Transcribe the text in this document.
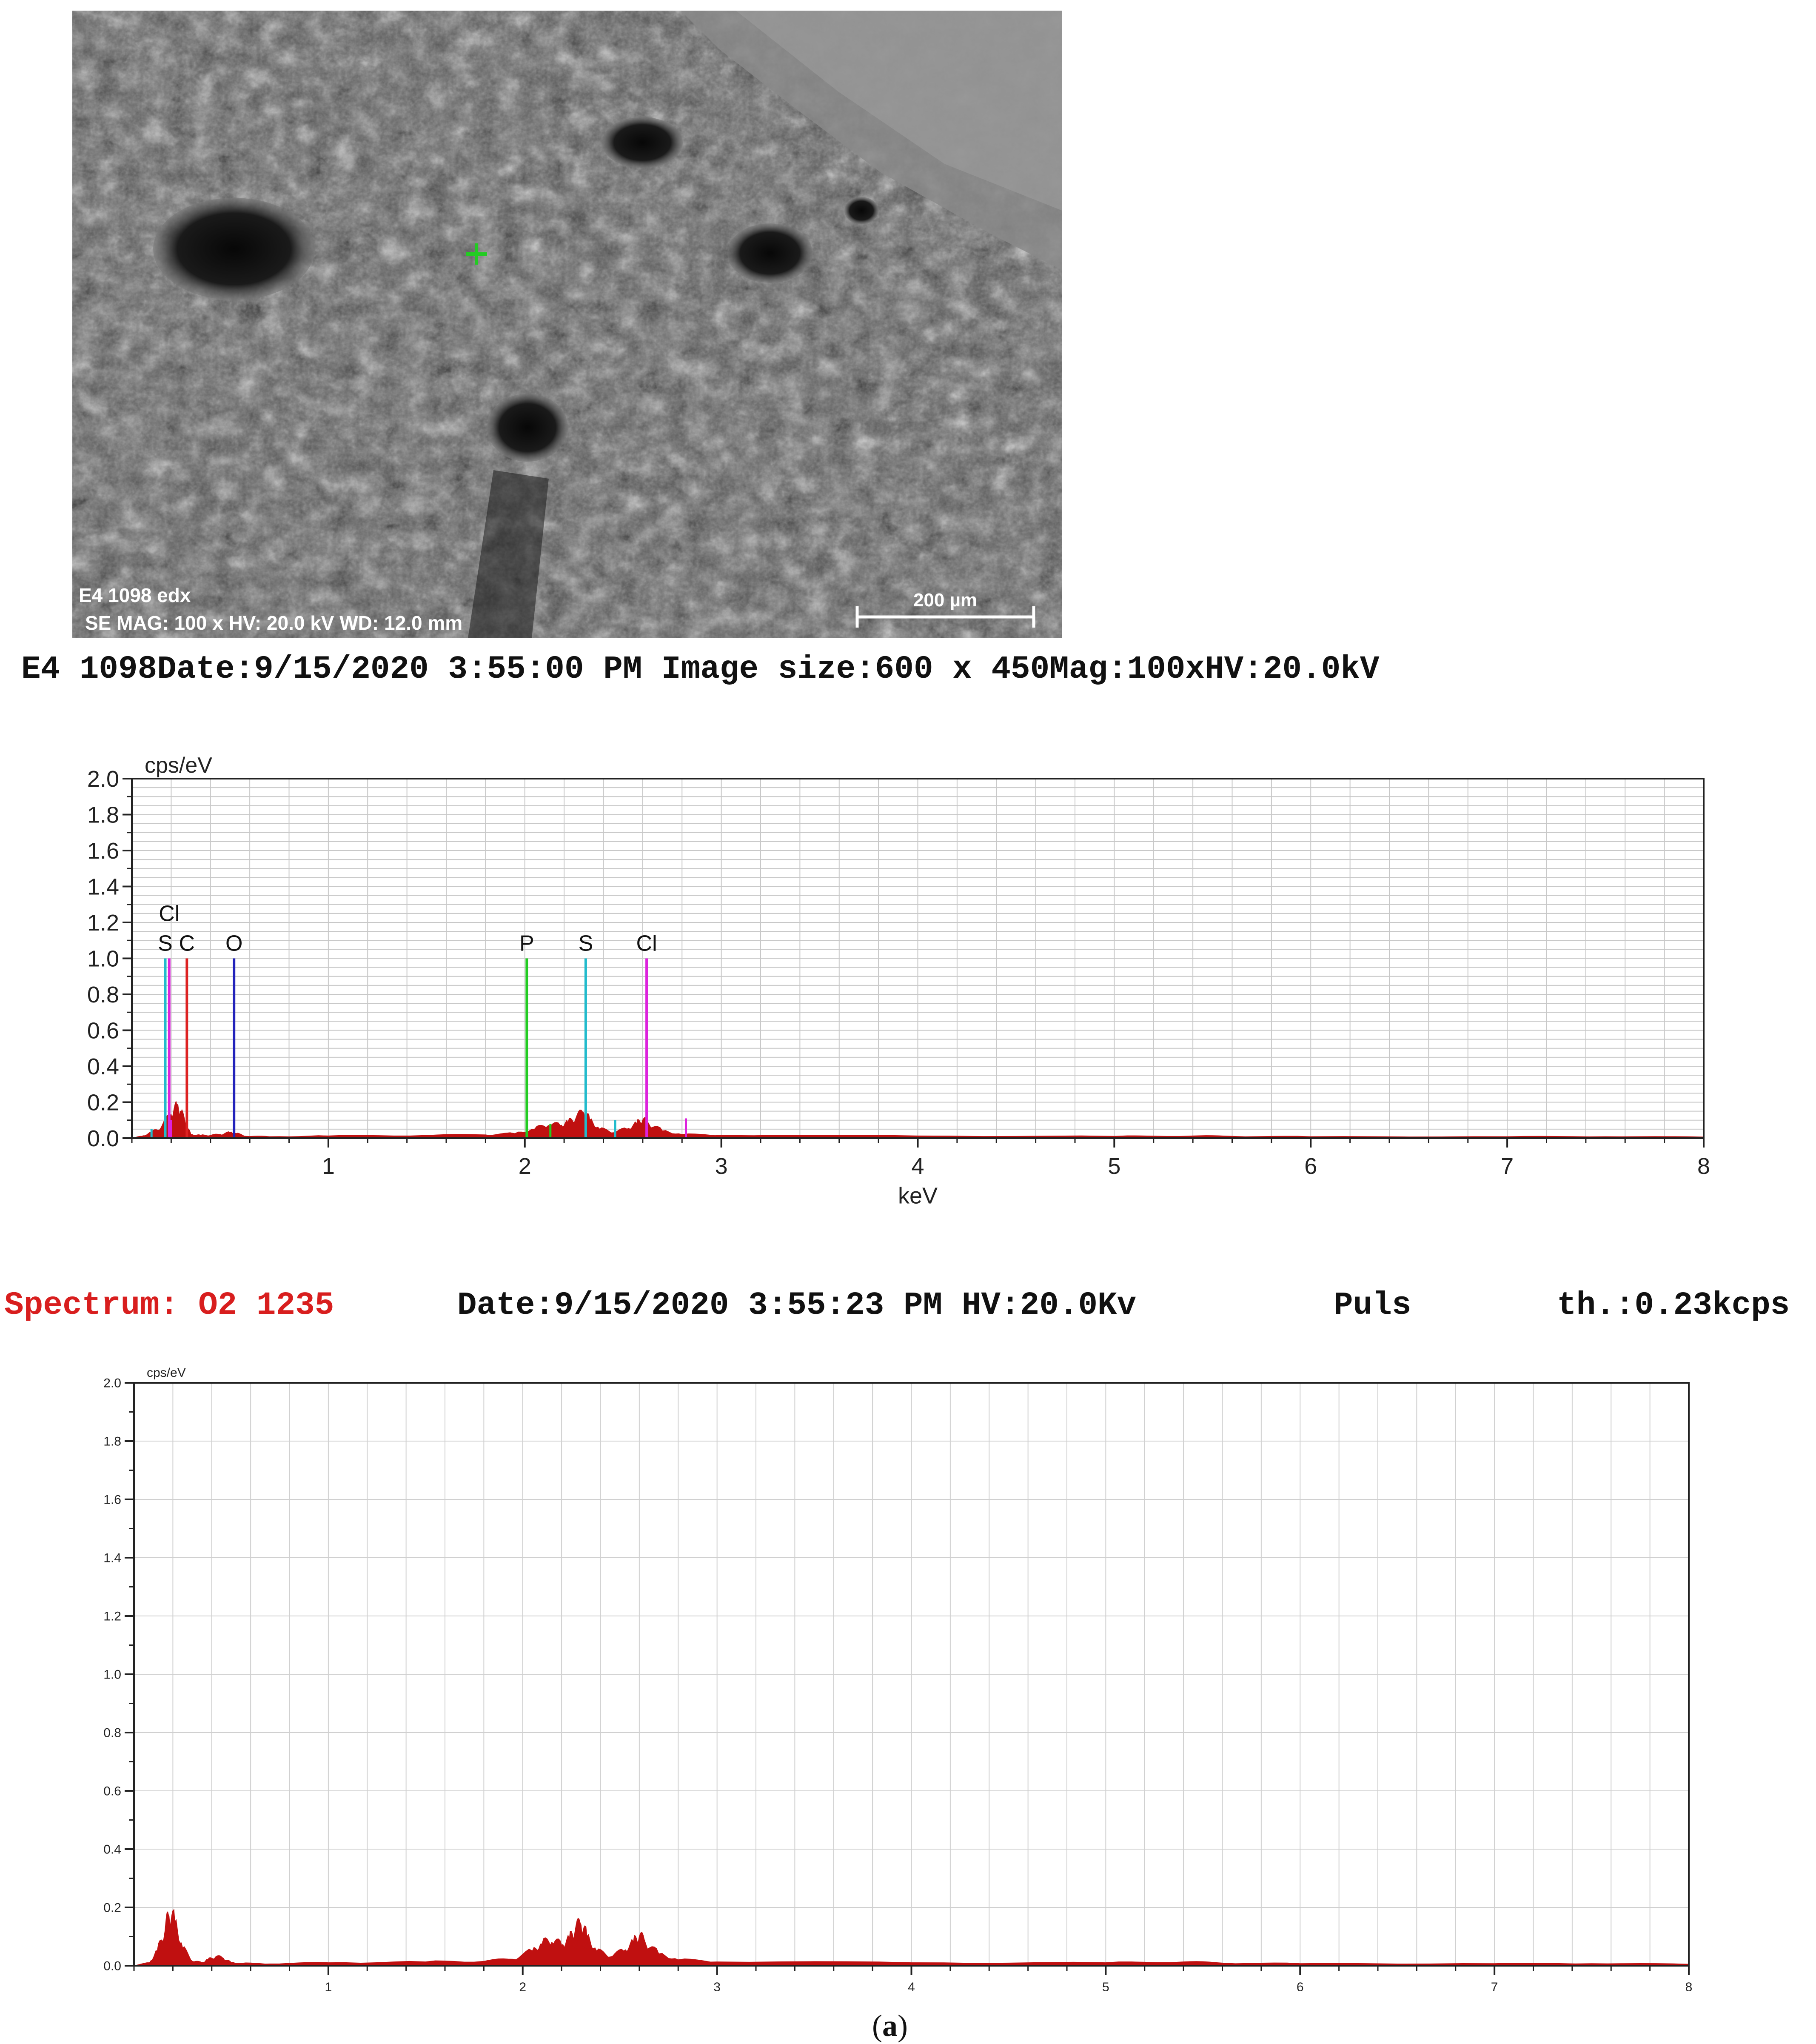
E4 1098 edx
SE MAG: 100 x HV: 20.0 kV WD: 12.0 mm
200 µm
E4 1098Date:9/15/2020 3:55:00 PM Image size:600 x 450Mag:100xHV:20.0kV
S
Cl
C O	P S Cl
0.0
0.2
0.4
0.6
0.8
1.0
1.2
1.4
1.6
1.8
2.0
1	2	3	4	5	6	7	8
cps/eV
keV
Spectrum: O2 1235	Date:9/15/2020 3:55:23 PM HV:20.0Kv	Puls	th.:0.23kcps
0.0
0.2
0.4
0.6
0.8
1.0
1.2
1.4
1.6
1.8
2.0
1	2	3	4	5	6	7	8
cps/eV
(a)
